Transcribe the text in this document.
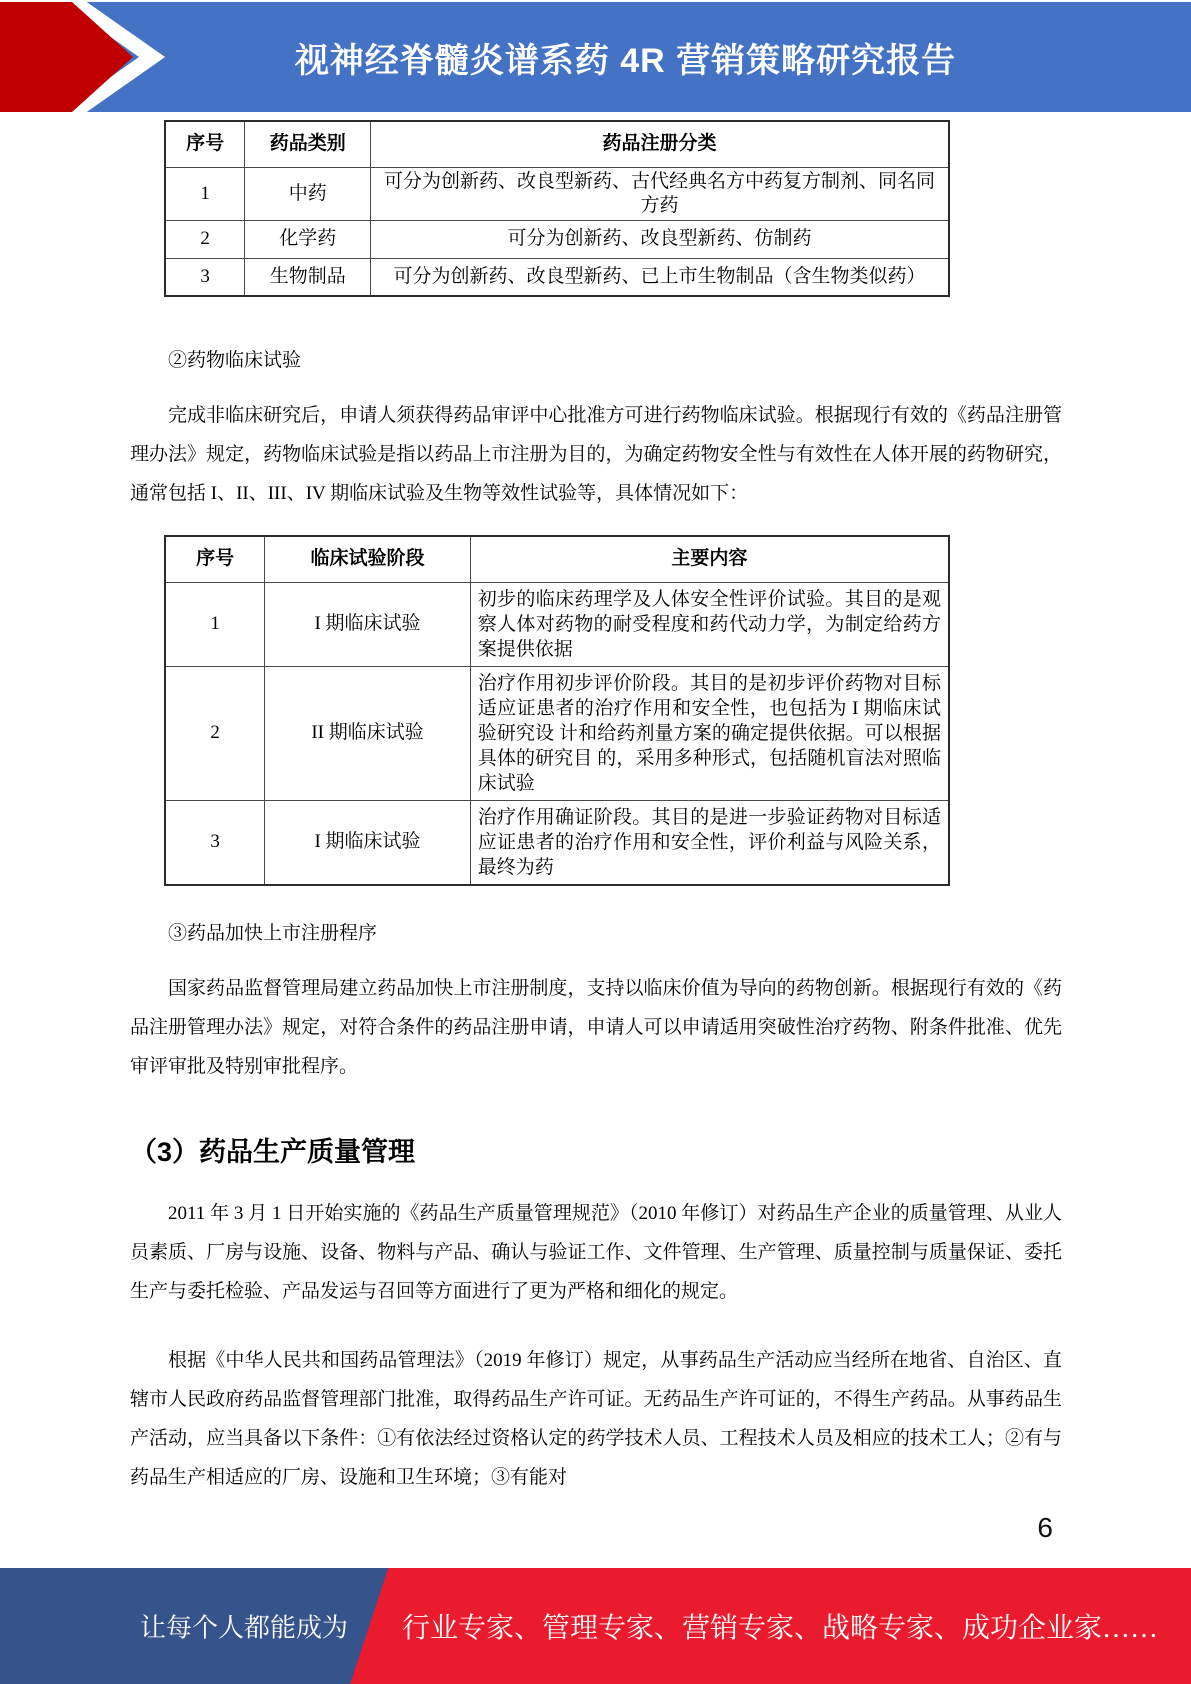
视神经脊髓炎谱系药 4R 营销策略研究报告
序号	药品类别	药品注册分类
1	中药	可分为创新药、改良型新药、古代经典名方中药复方制剂、同名同方药
2	化学药	可分为创新药、改良型新药、仿制药
3	生物制品	可分为创新药、改良型新药、已上市生物制品（含生物类似药）

②药物临床试验

完成非临床研究后，申请人须获得药品审评中心批准方可进行药物临床试验。根据现行有效的《药品注册管理办法》规定，药物临床试验是指以药品上市注册为目的，为确定药物安全性与有效性在人体开展的药物研究，通常包括 I、II、III、IV 期临床试验及生物等效性试验等，具体情况如下：

序号	临床试验阶段	主要内容
1	I 期临床试验	初步的临床药理学及人体安全性评价试验。其目的是观察人体对药物的耐受程度和药代动力学，为制定给药方案提供依据
2	II 期临床试验	治疗作用初步评价阶段。其目的是初步评价药物对目标适应证患者的治疗作用和安全性，也包括为 I 期临床试验研究设 计和给药剂量方案的确定提供依据。可以根据具体的研究目 的，采用多种形式，包括随机盲法对照临床试验
3	I 期临床试验	治疗作用确证阶段。其目的是进一步验证药物对目标适应证患者的治疗作用和安全性，评价利益与风险关系，最终为药

③药品加快上市注册程序

国家药品监督管理局建立药品加快上市注册制度，支持以临床价值为导向的药物创新。根据现行有效的《药品注册管理办法》规定，对符合条件的药品注册申请，申请人可以申请适用突破性治疗药物、附条件批准、优先审评审批及特别审批程序。

（3）药品生产质量管理

2011 年 3 月 1 日开始实施的《药品生产质量管理规范》（2010 年修订）对药品生产企业的质量管理、从业人员素质、厂房与设施、设备、物料与产品、确认与验证工作、文件管理、生产管理、质量控制与质量保证、委托生产与委托检验、产品发运与召回等方面进行了更为严格和细化的规定。

根据《中华人民共和国药品管理法》（2019 年修订）规定，从事药品生产活动应当经所在地省、自治区、直辖市人民政府药品监督管理部门批准，取得药品生产许可证。无药品生产许可证的，不得生产药品。从事药品生产活动，应当具备以下条件：①有依法经过资格认定的药学技术人员、工程技术人员及相应的技术工人；②有与药品生产相适应的厂房、设施和卫生环境；③有能对

6
让每个人都能成为 行业专家、管理专家、营销专家、战略专家、成功企业家……
